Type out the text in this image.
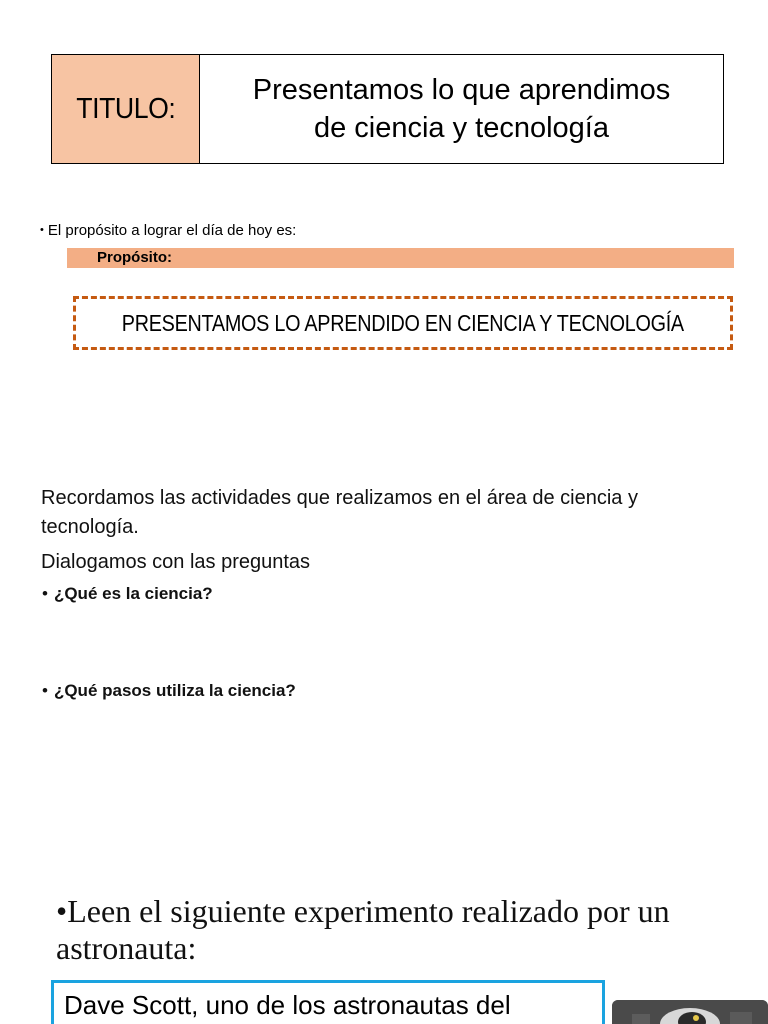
TITULO:
Presentamos lo que aprendimos
de ciencia y tecnología
• El propósito a lograr el día de hoy es:
Propósito:
PRESENTAMOS LO APRENDIDO EN CIENCIA Y TECNOLOGÍA
Recordamos las actividades que realizamos en el área de ciencia y tecnología.
Dialogamos con las preguntas
• ¿Qué es la ciencia?
• ¿Qué pasos utiliza la ciencia?
•Leen el siguiente experimento realizado por un astronauta:
Dave Scott, uno de los astronautas del
